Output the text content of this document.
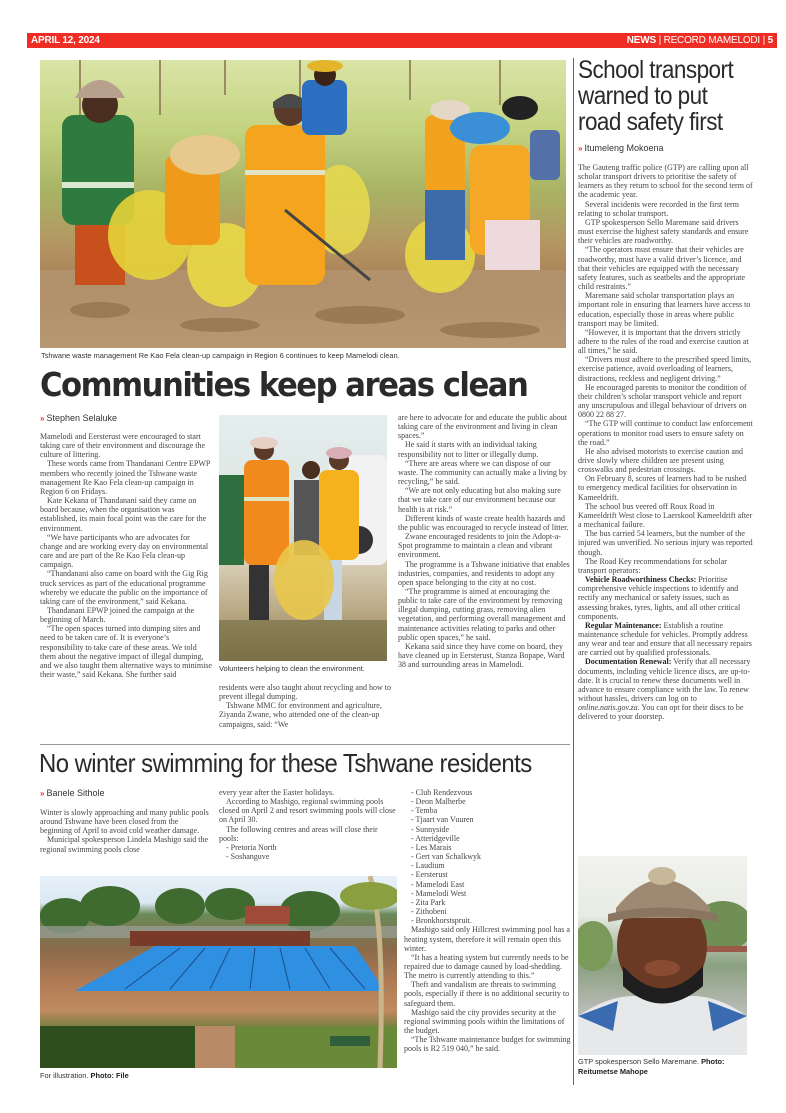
APRIL 12, 2024	NEWS | RECORD MAMELODI | 5
Tshwane waste management Re Kao Fela clean-up campaign in Region 6 continues to keep Mamelodi clean.
Communities keep areas clean
» Stephen Selaluke

Mamelodi and Eersterust were encouraged to start taking care of their environment and discourage the culture of littering.

These words came from Thandanani Centre EPWP members who recently joined the Tshwane waste management Re Kao Fela clean-up campaign in Region 6 on Fridays.

Kate Kekana of Thandanani said they came on board because, when the organisation was established, its main focal point was the care for the environment.

“We have participants who are advocates for change and are working every day on environmental care and are part of the Re Kao Fela clean-up campaign.

“Thandanani also came on board with the Gig Rig truck services as part of the educational programme whereby we educate the public on the importance of taking care of the environment,” said Kekana.

Thandanani EPWP joined the campaign at the beginning of March.

“The open spaces turned into dumping sites and need to be taken care of. It is everyone’s responsibility to take care of these areas. We told them about the negative impact of illegal dumping, and we also taught them alternative ways to minimise their waste,” said Kekana. She further said

Volunteers helping to clean the environment.

residents were also taught about recycling and how to prevent illegal dumping.

Tshwane MMC for environment and agriculture, Ziyanda Zwane, who attended one of the clean-up campaigns, said: “We

are here to advocate for and educate the public about taking care of the environment and living in clean spaces.”

He said it starts with an individual taking responsibility not to litter or illegally dump.

“There are areas where we can dispose of our waste. The community can actually make a living by recycling,” he said.

“We are not only educating but also making sure that we take care of our environment because our health is at risk.”

Different kinds of waste create health hazards and the public was encouraged to recycle instead of litter.

Zwane encouraged residents to join the Adopt-a-Spot programme to maintain a clean and vibrant environment.

The programme is a Tshwane initiative that enables industries, companies, and residents to adopt any open space belonging to the city at no cost.

“The programme is aimed at encouraging the public to take care of the environment by removing illegal dumping, cutting grass, removing alien vegetation, and performing overall management and maintenance activities relating to parks and other public open spaces,” he said.

Kekana said since they have come on board, they have cleaned up in Eersterust, Stanza Bopape, Ward 38 and surrounding areas in Mamelodi.

No winter swimming for these Tshwane residents
» Banele Sithole

Winter is slowly approaching and many public pools around Tshwane have been closed from the beginning of April to avoid cold weather damage.

Municipal spokesperson Lindela Mashigo said the regional swimming pools close

every year after the Easter holidays.

According to Mashigo, regional swimming pools closed on April 2 and resort swimming pools will close on April 30.

The following centres and areas will close their pools:

- Pretoria North
- Soshanguve
For illustration. Photo: File
- Club Rendezvous
- Deon Malherbe
- Temba
- Tjaart van Vuuren
- Sunnyside
- Atteridgeville
- Les Marais
- Gert van Schalkwyk
- Laudium
- Eersterust
- Mamelodi East
- Mamelodi West
- Zita Park
- Zithobeni
- Bronkhorstspruit.

Mashigo said only Hillcrest swimming pool has a heating system, therefore it will remain open this winter.

“It has a heating system but currently needs to be repaired due to damage caused by load-shedding. The metro is currently attending to this.”

Theft and vandalism are threats to swimming pools, especially if there is no additional security to safeguard them.

Mashigo said the city provides security at the regional swimming pools within the limitations of the budget.

“The Tshwane maintenance budget for swimming pools is R2 519 040,” he said.

School transport
warned to put
road safety first
» Itumeleng Mokoena

The Gauteng traffic police (GTP) are calling upon all scholar transport drivers to prioritise the safety of learners as they return to school for the second term of the academic year.

Several incidents were recorded in the first term relating to scholar transport.

GTP spokesperson Sello Maremane said drivers must exercise the highest safety standards and ensure their vehicles are roadworthy.

“The operators must ensure that their vehicles are roadworthy, must have a valid driver’s licence, and that their vehicles are equipped with the necessary safety features, such as seatbelts and the appropriate child restraints.”

Maremane said scholar transportation plays an important role in ensuring that learners have access to education, especially those in areas where public transport may be limited.

“However, it is important that the drivers strictly adhere to the rules of the road and exercise caution at all times,” he said.

“Drivers must adhere to the prescribed speed limits, exercise patience, avoid overloading of learners, distractions, reckless and negligent driving.”

He encouraged parents to monitor the condition of their children’s scholar transport vehicle and report any unscrupulous and illegal behaviour of drivers on 0800 22 88 27.

“The GTP will continue to conduct law enforcement operations to monitor road users to ensure safety on the road.”

He also advised motorists to exercise caution and drive slowly where children are present using crosswalks and pedestrian crossings.

On February 8, scores of learners had to be rushed to emergency medical facilities for observation in Kameeldrift.

The school bus veered off Roux Road in Kameeldrift West close to Laerskool Kameeldrift after a mechanical failure.

The bus carried 54 learners, but the number of the injured was unverified. No serious injury was reported though.

The Road Key recommendations for scholar transport operators:

Vehicle Roadworthiness Checks: Prioritise comprehensive vehicle inspections to identify and rectify any mechanical or safety issues, such as assessing brakes, tyres, lights, and all other critical components.

Regular Maintenance: Establish a routine maintenance schedule for vehicles. Promptly address any wear and tear and ensure that all necessary repairs are carried out by qualified professionals.

Documentation Renewal: Verify that all necessary documents, including vehicle licence discs, are up-to-date. It is crucial to renew these documents well in advance to ensure compliance with the law. To renew without hassles, drivers can log on to online.natis.gov.za. You can opt for their discs to be delivered to your doorstep.

GTP spokesperson Sello Maremane. Photo:
Reitumetse Mahope
